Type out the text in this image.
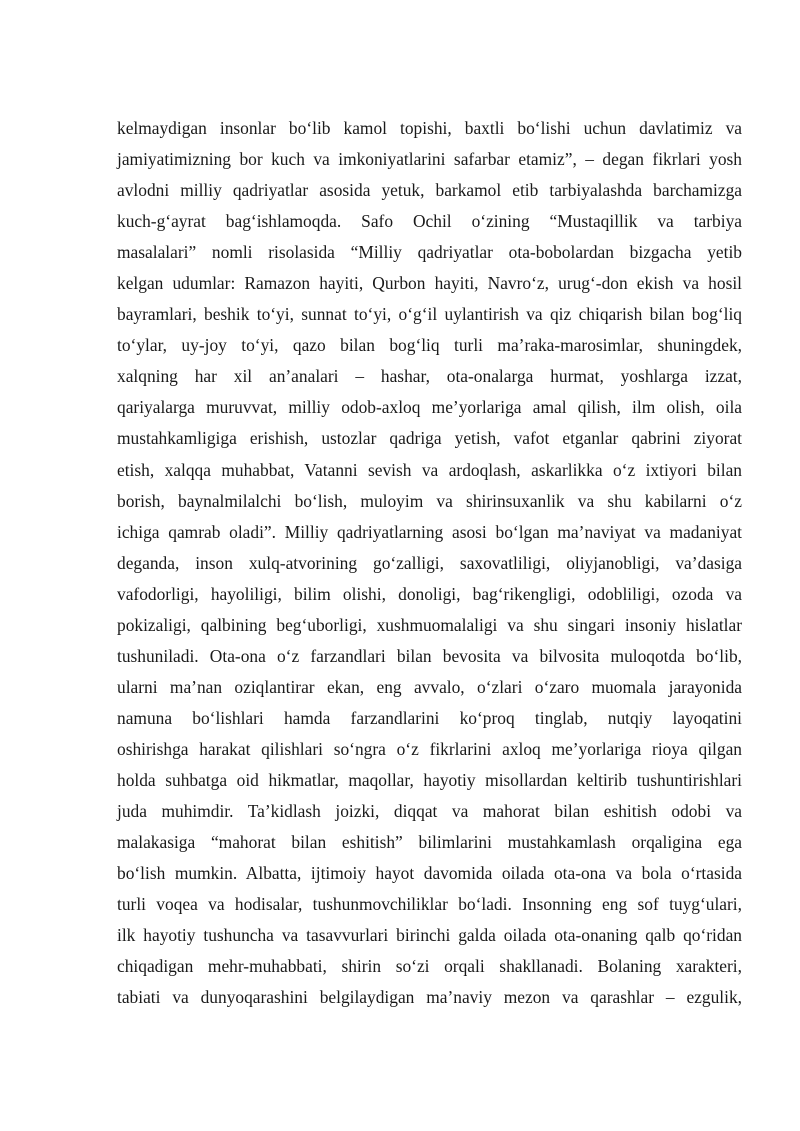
kelmaydigan insonlar bo‘lib kamol topishi, baxtli bo‘lishi uchun davlatimiz va
jamiyatimizning bor kuch va imkoniyatlarini safarbar etamiz”, – degan fikrlari yosh
avlodni milliy qadriyatlar asosida yetuk, barkamol etib tarbiyalashda barchamizga
kuch-g‘ayrat bag‘ishlamoqda. Safo Ochil o‘zining “Mustaqillik va tarbiya
masalalari” nomli risolasida “Milliy qadriyatlar ota-bobolardan bizgacha yetib
kelgan udumlar: Ramazon hayiti, Qurbon hayiti, Navro‘z, urug‘-don ekish va hosil
bayramlari, beshik to‘yi, sunnat to‘yi, o‘g‘il uylantirish va qiz chiqarish bilan bog‘liq
to‘ylar, uy-joy to‘yi, qazo bilan bog‘liq turli ma’raka-marosimlar, shuningdek,
xalqning har xil an’analari – hashar, ota-onalarga hurmat, yoshlarga izzat,
qariyalarga muruvvat, milliy odob-axloq me’yorlariga amal qilish, ilm olish, oila
mustahkamligiga erishish, ustozlar qadriga yetish, vafot etganlar qabrini ziyorat
etish, xalqqa muhabbat, Vatanni sevish va ardoqlash, askarlikka o‘z ixtiyori bilan
borish, baynalmilalchi bo‘lish, muloyim va shirinsuxanlik va shu kabilarni o‘z
ichiga qamrab oladi”. Milliy qadriyatlarning asosi bo‘lgan ma’naviyat va madaniyat
deganda, inson xulq-atvorining go‘zalligi, saxovatliligi, oliyjanobligi, va’dasiga
vafodorligi, hayoliligi, bilim olishi, donoligi, bag‘rikengligi, odobliligi, ozoda va
pokizaligi, qalbining beg‘uborligi, xushmuomalaligi va shu singari insoniy hislatlar
tushuniladi. Ota-ona o‘z farzandlari bilan bevosita va bilvosita muloqotda bo‘lib,
ularni ma’nan oziqlantirar ekan, eng avvalo, o‘zlari o‘zaro muomala jarayonida
namuna bo‘lishlari hamda farzandlarini ko‘proq tinglab, nutqiy layoqatini
oshirishga harakat qilishlari so‘ngra o‘z fikrlarini axloq me’yorlariga rioya qilgan
holda suhbatga oid hikmatlar, maqollar, hayotiy misollardan keltirib tushuntirishlari
juda muhimdir. Ta’kidlash joizki, diqqat va mahorat bilan eshitish odobi va
malakasiga “mahorat bilan eshitish” bilimlarini mustahkamlash orqaligina ega
bo‘lish mumkin. Albatta, ijtimoiy hayot davomida oilada ota-ona va bola o‘rtasida
turli voqea va hodisalar, tushunmovchiliklar bo‘ladi. Insonning eng sof tuyg‘ulari,
ilk hayotiy tushuncha va tasavvurlari birinchi galda oilada ota-onaning qalb qo‘ridan
chiqadigan mehr-muhabbati, shirin so‘zi orqali shakllanadi. Bolaning xarakteri,
tabiati va dunyoqarashini belgilaydigan ma’naviy mezon va qarashlar – ezgulik,
